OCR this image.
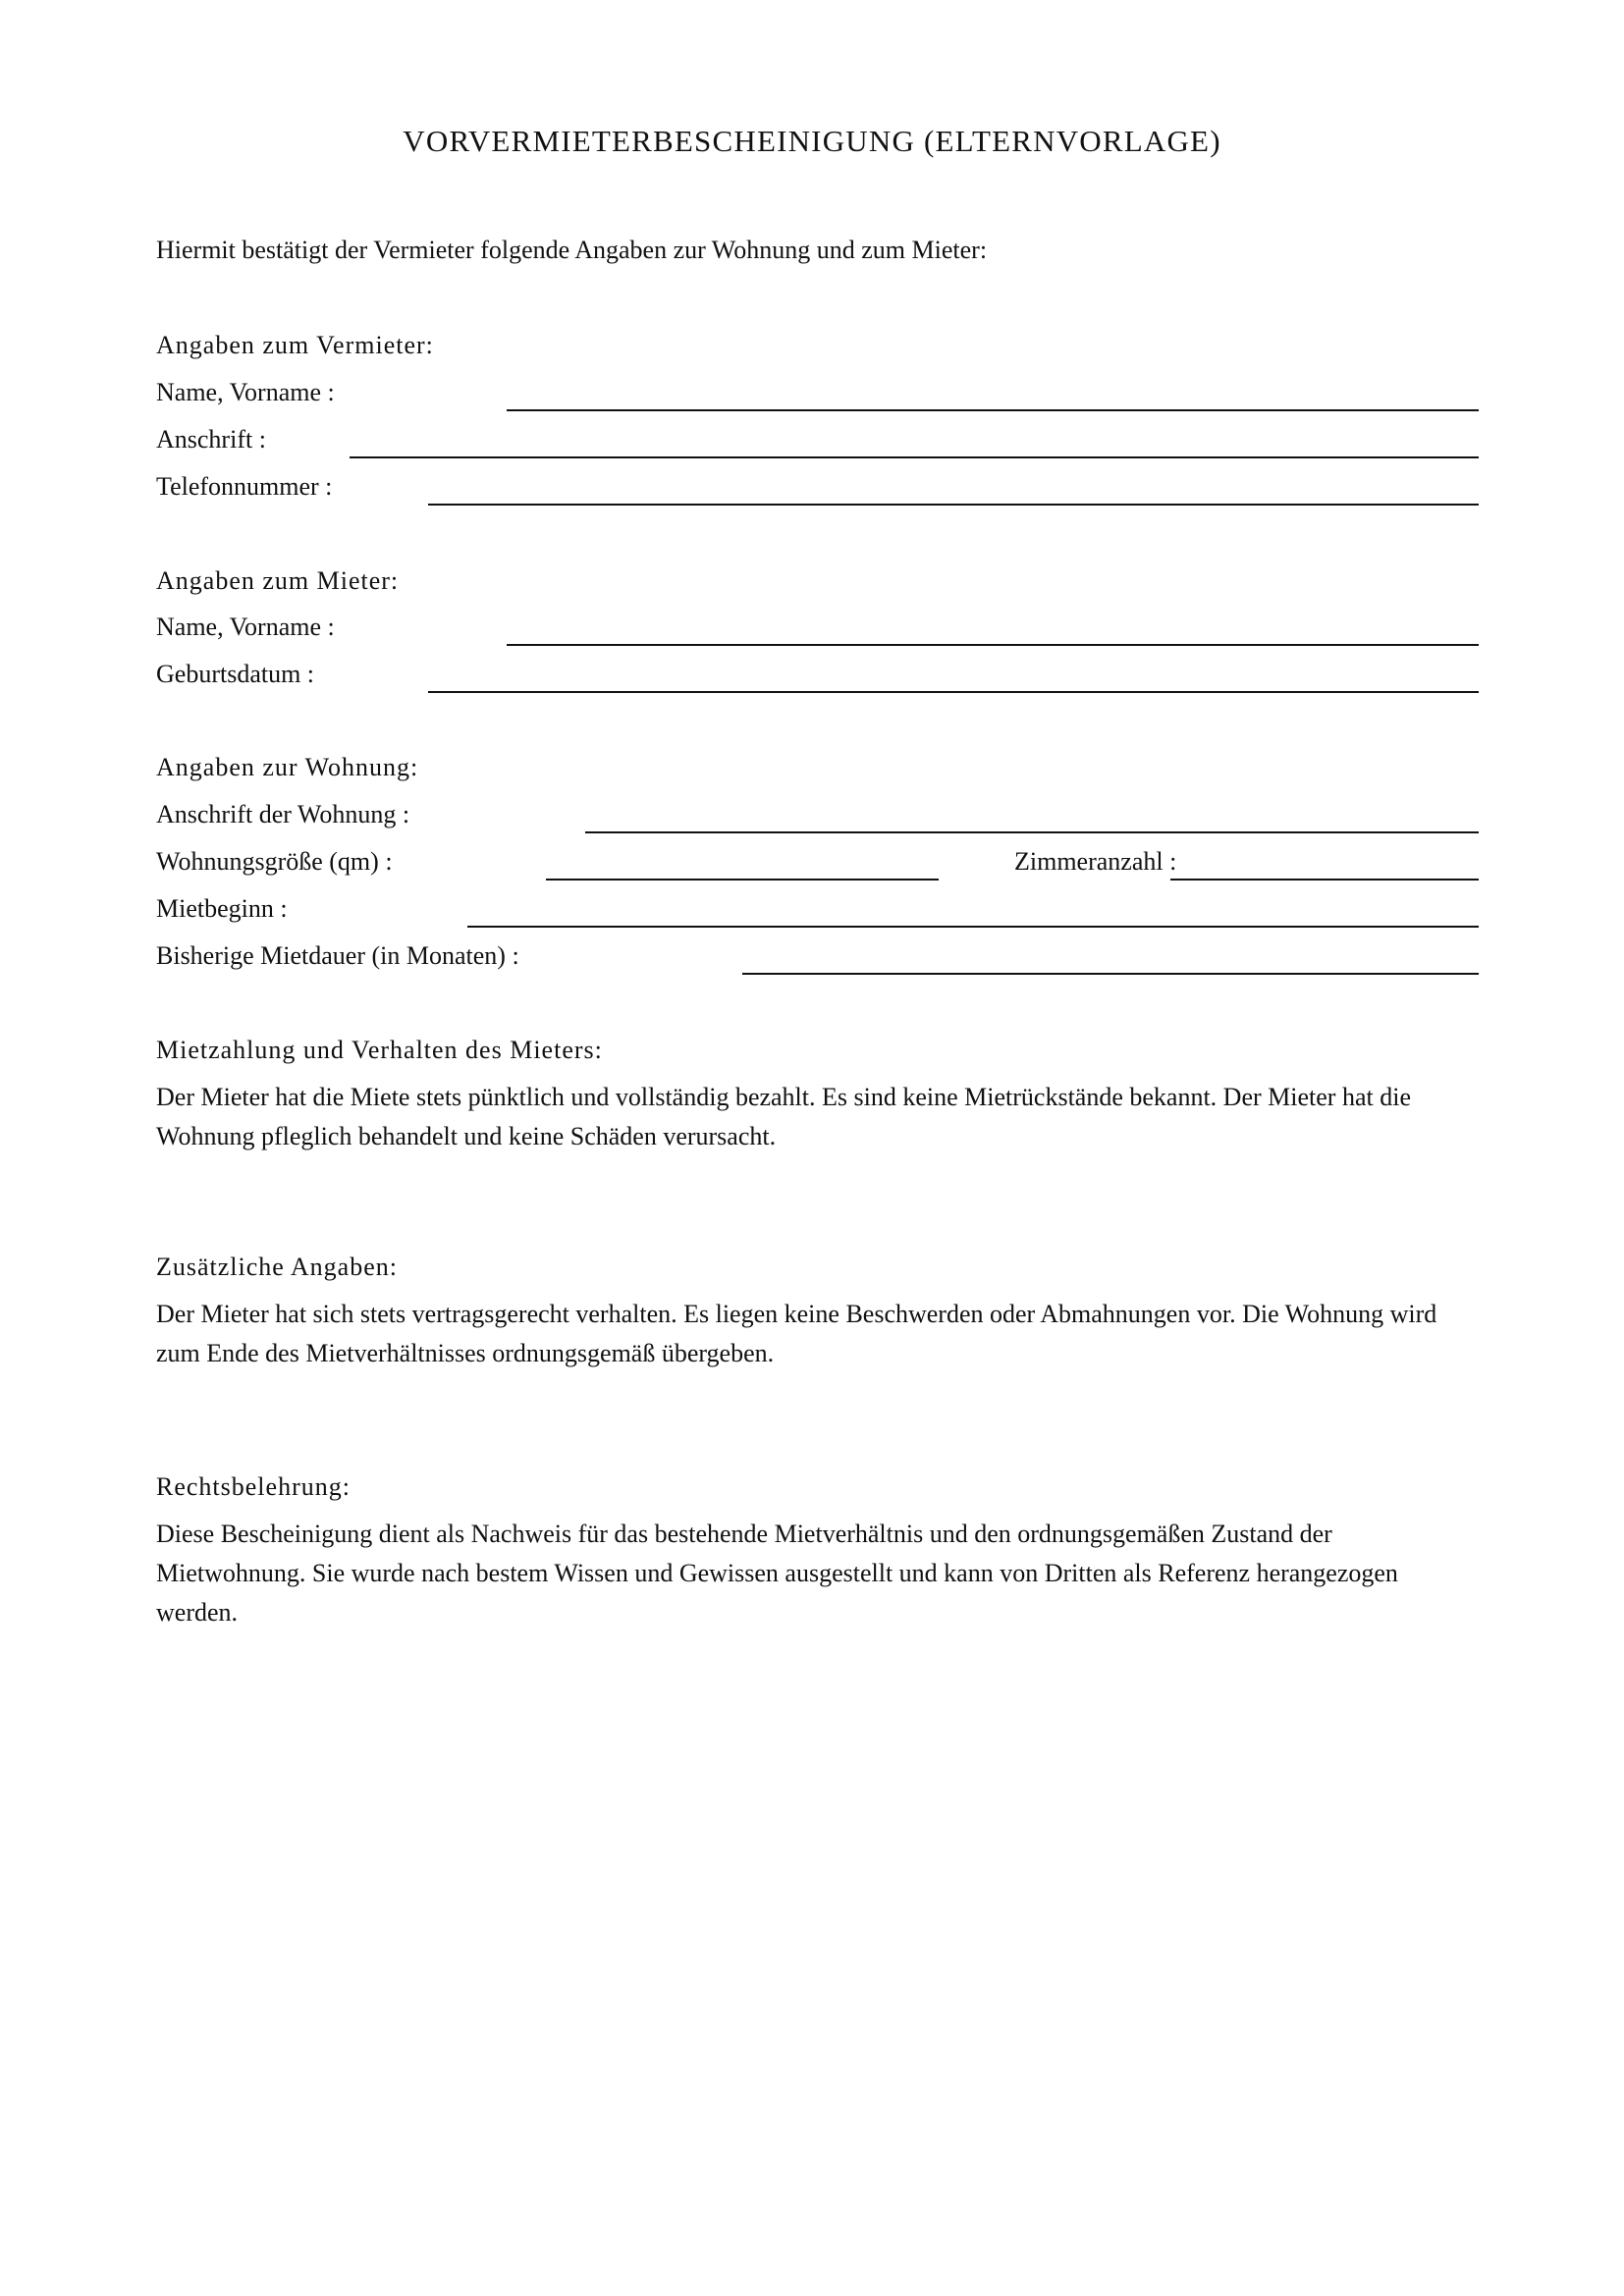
VORVERMIETERBESCHEINIGUNG (ELTERNVORLAGE)
Hiermit bestätigt der Vermieter folgende Angaben zur Wohnung und zum Mieter:
Angaben zum Vermieter:
Name, Vorname :
Anschrift :
Telefonnummer :
Angaben zum Mieter:
Name, Vorname :
Geburtsdatum :
Angaben zur Wohnung:
Anschrift der Wohnung :
Wohnungsgröße (qm) :	Zimmeranzahl :
Mietbeginn :
Bisherige Mietdauer (in Monaten) :
Mietzahlung und Verhalten des Mieters:
Der Mieter hat die Miete stets pünktlich und vollständig bezahlt. Es sind keine Mietrückstände bekannt. Der Mieter hat die Wohnung pfleglich behandelt und keine Schäden verursacht.
Zusätzliche Angaben:
Der Mieter hat sich stets vertragsgerecht verhalten. Es liegen keine Beschwerden oder Abmahnungen vor. Die Wohnung wird zum Ende des Mietverhältnisses ordnungsgemäß übergeben.
Rechtsbelehrung:
Diese Bescheinigung dient als Nachweis für das bestehende Mietverhältnis und den ordnungsgemäßen Zustand der Mietwohnung. Sie wurde nach bestem Wissen und Gewissen ausgestellt und kann von Dritten als Referenz herangezogen werden.
